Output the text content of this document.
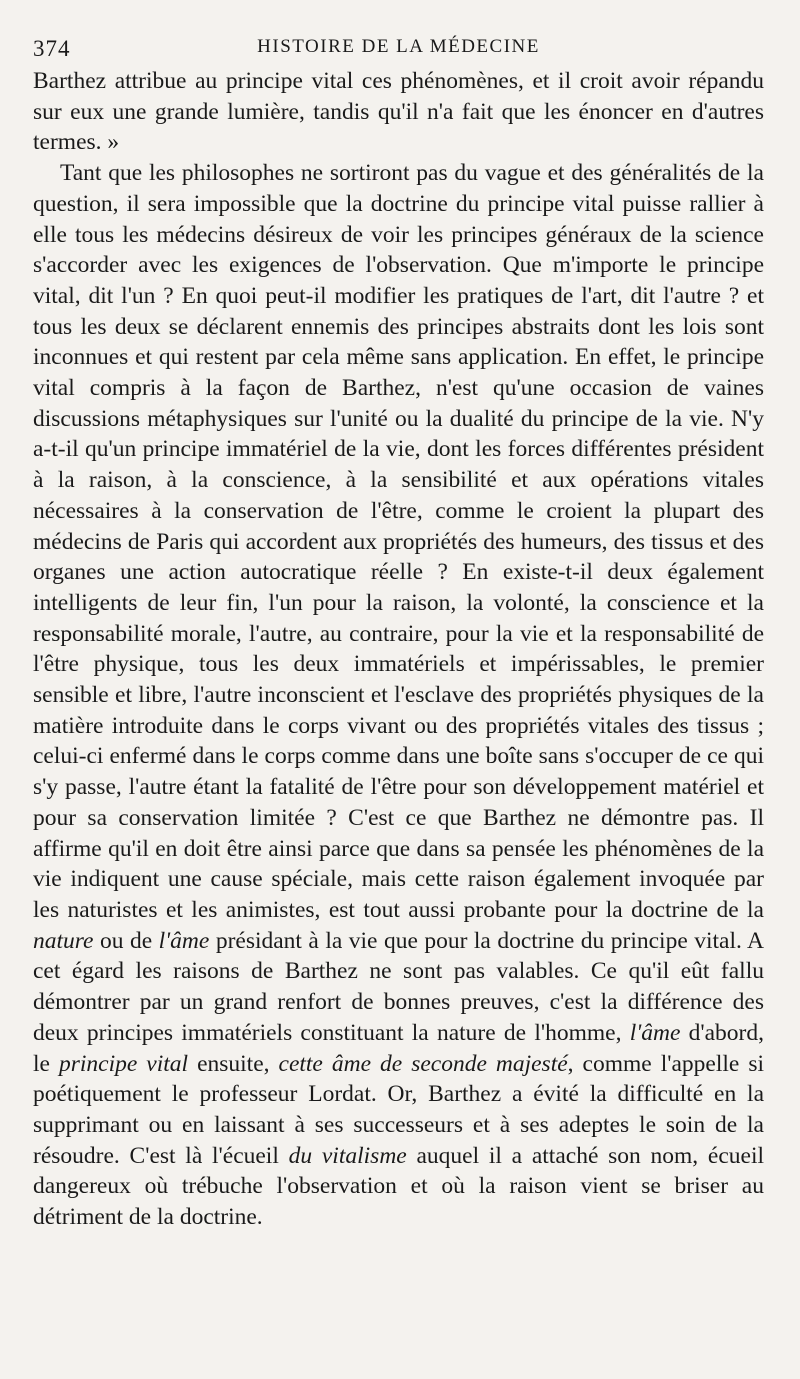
374	HISTOIRE DE LA MÉDECINE

Barthez attribue au principe vital ces phénomènes, et il croit avoir répandu sur eux une grande lumière, tandis qu'il n'a fait que les énoncer en d'autres termes. »

Tant que les philosophes ne sortiront pas du vague et des généralités de la question, il sera impossible que la doctrine du principe vital puisse rallier à elle tous les médecins désireux de voir les principes généraux de la science s'accorder avec les exigences de l'observation. Que m'importe le principe vital, dit l'un ? En quoi peut-il modifier les pratiques de l'art, dit l'autre ? et tous les deux se déclarent ennemis des principes abstraits dont les lois sont inconnues et qui restent par cela même sans application. En effet, le principe vital compris à la façon de Barthez, n'est qu'une occasion de vaines discussions métaphysiques sur l'unité ou la dualité du principe de la vie. N'y a-t-il qu'un principe immatériel de la vie, dont les forces différentes président à la raison, à la conscience, à la sensibilité et aux opérations vitales nécessaires à la conservation de l'être, comme le croient la plupart des médecins de Paris qui accordent aux propriétés des humeurs, des tissus et des organes une action autocratique réelle ? En existe-t-il deux également intelligents de leur fin, l'un pour la raison, la volonté, la conscience et la responsabilité morale, l'autre, au contraire, pour la vie et la responsabilité de l'être physique, tous les deux immatériels et impérissables, le premier sensible et libre, l'autre inconscient et l'esclave des propriétés physiques de la matière introduite dans le corps vivant ou des propriétés vitales des tissus ; celui-ci enfermé dans le corps comme dans une boîte sans s'occuper de ce qui s'y passe, l'autre étant la fatalité de l'être pour son développement matériel et pour sa conservation limitée ? C'est ce que Barthez ne démontre pas. Il affirme qu'il en doit être ainsi parce que dans sa pensée les phénomènes de la vie indiquent une cause spéciale, mais cette raison également invoquée par les naturistes et les animistes, est tout aussi probante pour la doctrine de la nature ou de l'âme présidant à la vie que pour la doctrine du principe vital. A cet égard les raisons de Barthez ne sont pas valables. Ce qu'il eût fallu démontrer par un grand renfort de bonnes preuves, c'est la différence des deux principes immatériels constituant la nature de l'homme, l'âme d'abord, le principe vital ensuite, cette âme de seconde majesté, comme l'appelle si poétiquement le professeur Lordat. Or, Barthez a évité la difficulté en la supprimant ou en laissant à ses successeurs et à ses adeptes le soin de la résoudre. C'est là l'écueil du vitalisme auquel il a attaché son nom, écueil dangereux où trébuche l'observation et où la raison vient se briser au détriment de la doctrine.
